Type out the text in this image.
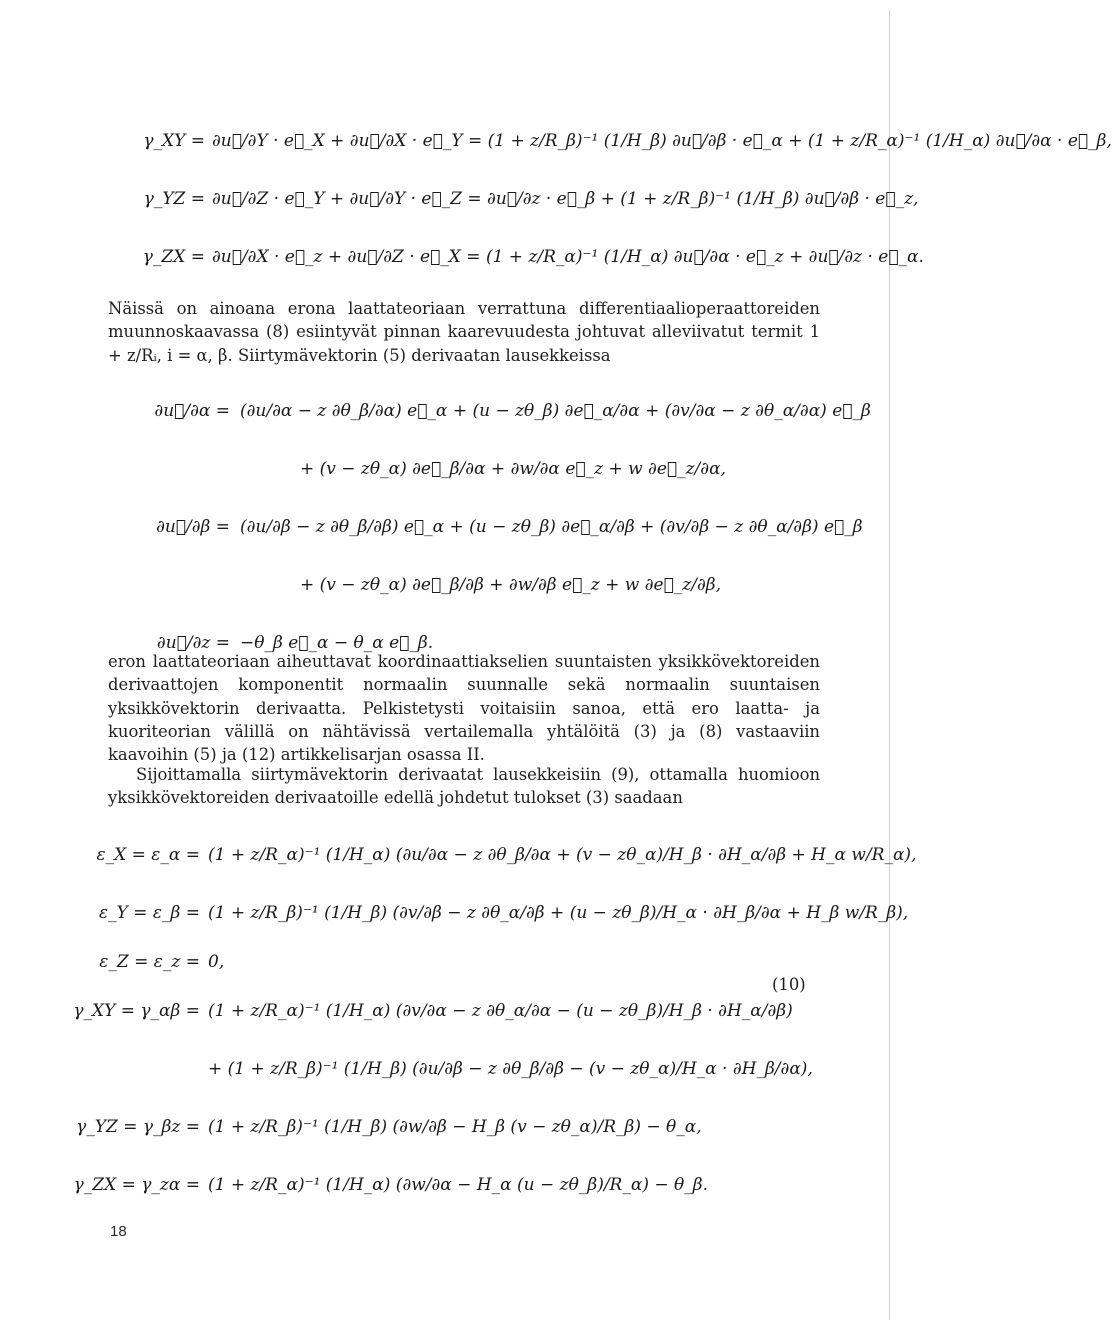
γ_XY = ∂u⃗/∂Y · e⃗_X + ∂u⃗/∂X · e⃗_Y = (1 + z/R_β)⁻¹ (1/H_β) ∂u⃗/∂β · e⃗_α + (1 + z/R_α)⁻¹ (1/H_α) ∂u⃗/∂α · e⃗_β,
γ_YZ = ∂u⃗/∂Z · e⃗_Y + ∂u⃗/∂Y · e⃗_Z = ∂u⃗/∂z · e⃗_β + (1 + z/R_β)⁻¹ (1/H_β) ∂u⃗/∂β · e⃗_z,
γ_ZX = ∂u⃗/∂X · e⃗_z + ∂u⃗/∂Z · e⃗_X = (1 + z/R_α)⁻¹ (1/H_α) ∂u⃗/∂α · e⃗_z + ∂u⃗/∂z · e⃗_α.

Näissä on ainoana erona laattateoriaan verrattuna differentiaalioperaattoreiden muunnoskaavassa (8) esiintyvät pinnan kaarevuudesta johtuvat alleviivatut termit 1 + z/Rᵢ, i = α, β. Siirtymävektorin (5) derivaatan lausekkeissa

∂u⃗/∂α = (∂u/∂α − z ∂θ_β/∂α) e⃗_α + (u − zθ_β) ∂e⃗_α/∂α + (∂v/∂α − z ∂θ_α/∂α) e⃗_β
+ (v − zθ_α) ∂e⃗_β/∂α + ∂w/∂α e⃗_z + w ∂e⃗_z/∂α,
∂u⃗/∂β = (∂u/∂β − z ∂θ_β/∂β) e⃗_α + (u − zθ_β) ∂e⃗_α/∂β + (∂v/∂β − z ∂θ_α/∂β) e⃗_β
+ (v − zθ_α) ∂e⃗_β/∂β + ∂w/∂β e⃗_z + w ∂e⃗_z/∂β,
∂u⃗/∂z = −θ_β e⃗_α − θ_α e⃗_β.

eron laattateoriaan aiheuttavat koordinaattiakselien suuntaisten yksikkövektoreiden derivaattojen komponentit normaalin suunnalle sekä normaalin suuntaisen yksikkövektorin derivaatta. Pelkistetysti voitaisiin sanoa, että ero laatta- ja kuoriteorian välillä on nähtävissä vertailemalla yhtälöitä (3) ja (8) vastaaviin kaavoihin (5) ja (12) artikkelisarjan osassa II.

Sijoittamalla siirtymävektorin derivaatat lausekkeisiin (9), ottamalla huomioon yksikkövektoreiden derivaatoille edellä johdetut tulokset (3) saadaan

ε_X = ε_α = (1 + z/R_α)⁻¹ (1/H_α) (∂u/∂α − z ∂θ_β/∂α + (v − zθ_α)/H_β · ∂H_α/∂β + H_α w/R_α),
ε_Y = ε_β = (1 + z/R_β)⁻¹ (1/H_β) (∂v/∂β − z ∂θ_α/∂β + (u − zθ_β)/H_α · ∂H_β/∂α + H_β w/R_β),
ε_Z = ε_z = 0,
γ_XY = γ_αβ = (1 + z/R_α)⁻¹ (1/H_α) (∂v/∂α − z ∂θ_α/∂α − (u − zθ_β)/H_β · ∂H_α/∂β)
+ (1 + z/R_β)⁻¹ (1/H_β) (∂u/∂β − z ∂θ_β/∂β − (v − zθ_α)/H_α · ∂H_β/∂α),
γ_YZ = γ_βz = (1 + z/R_β)⁻¹ (1/H_β) (∂w/∂β − H_β (v − zθ_α)/R_β) − θ_α,
γ_ZX = γ_zα = (1 + z/R_α)⁻¹ (1/H_α) (∂w/∂α − H_α (u − zθ_β)/R_α) − θ_β.
(10)
18
